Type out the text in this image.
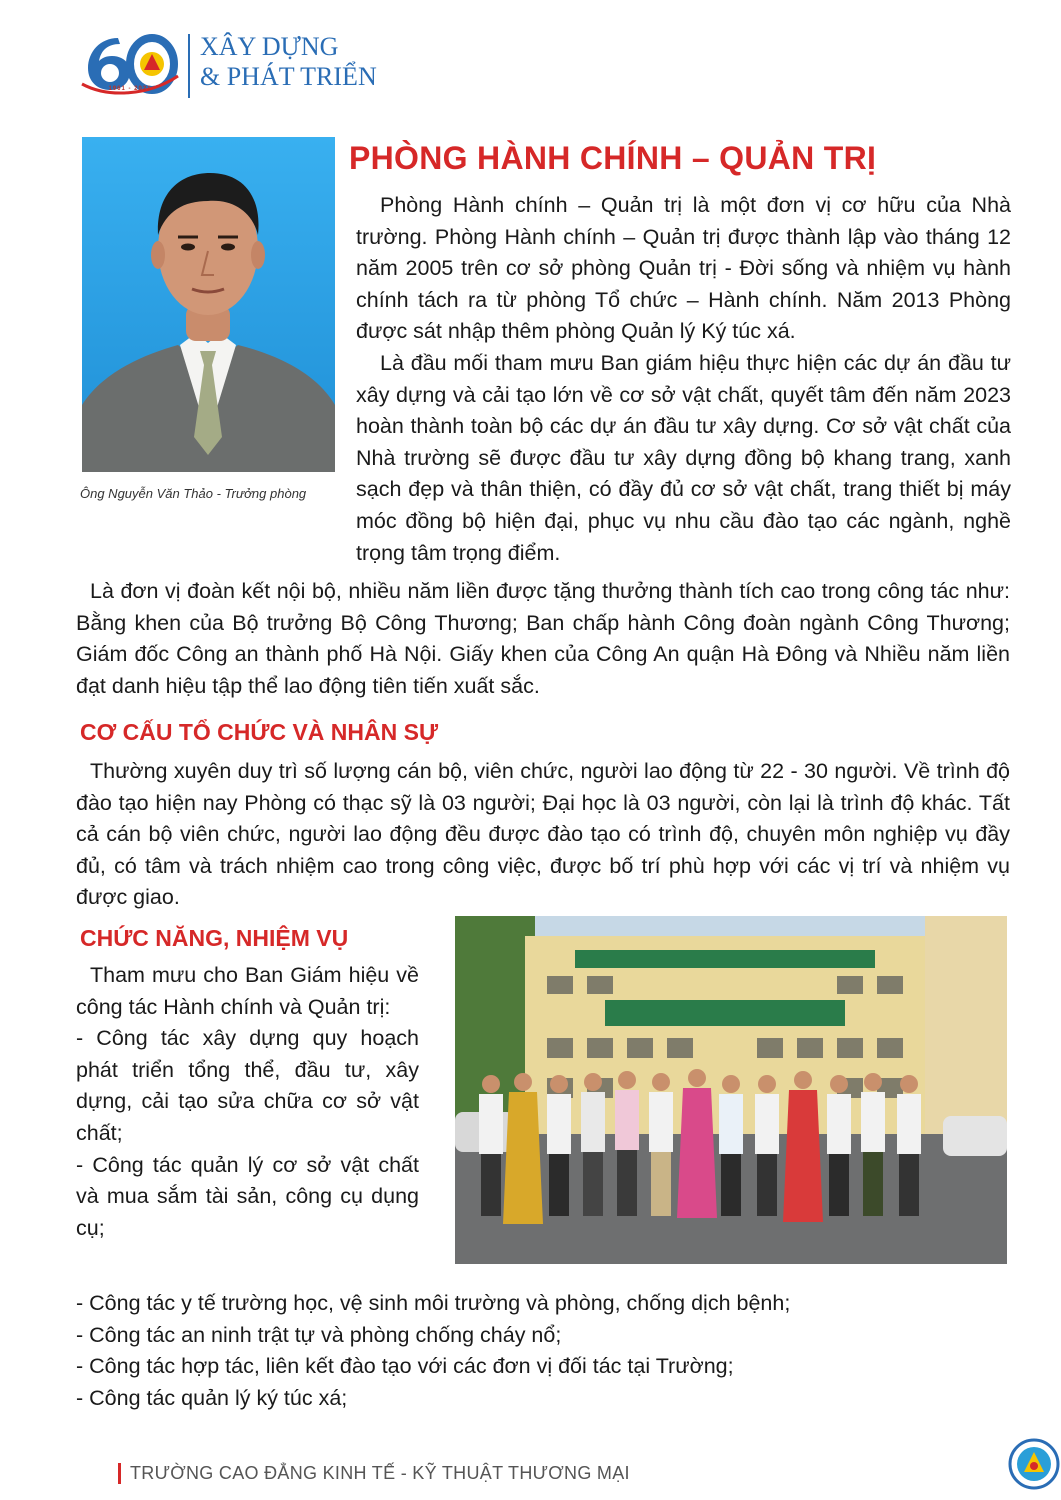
1961 - 2021
XÂY DỰNG
& PHÁT TRIỂN
Ông Nguyễn Văn Thảo - Trưởng phòng
PHÒNG HÀNH CHÍNH – QUẢN TRỊ

Phòng Hành chính – Quản trị là một đơn vị cơ hữu của Nhà trường. Phòng Hành chính – Quản trị được thành lập vào tháng 12 năm 2005 trên cơ sở phòng Quản trị - Đời sống và nhiệm vụ hành chính tách ra từ phòng Tổ chức – Hành chính. Năm 2013 Phòng được sát nhập thêm phòng Quản lý Ký túc xá.

Là đầu mối tham mưu Ban giám hiệu thực hiện các dự án đầu tư xây dựng và cải tạo lớn về cơ sở vật chất, quyết tâm đến năm 2023 hoàn thành toàn bộ các dự án đầu tư xây dựng. Cơ sở vật chất của Nhà trường sẽ được đầu tư xây dựng đồng bộ khang trang, xanh sạch đẹp và thân thiện, có đầy đủ cơ sở vật chất, trang thiết bị máy móc đồng bộ hiện đại, phục vụ nhu cầu đào tạo các ngành, nghề trọng tâm trọng điểm.

Là đơn vị đoàn kết nội bộ, nhiều năm liền được tặng thưởng thành tích cao trong công tác như: Bằng khen của Bộ trưởng Bộ Công Thương; Ban chấp hành Công đoàn ngành Công Thương; Giám đốc Công an thành phố Hà Nội. Giấy khen của Công An quận Hà Đông và Nhiều năm liền đạt danh hiệu tập thể lao động tiên tiến xuất sắc.

CƠ CẤU TỔ CHỨC VÀ NHÂN SỰ

Thường xuyên duy trì số lượng cán bộ, viên chức, người lao động từ 22 - 30 người. Về trình độ đào tạo hiện nay Phòng có thạc sỹ là 03 người; Đại học là 03 người, còn lại là trình độ khác. Tất cả cán bộ viên chức, người lao động đều được đào tạo có trình độ, chuyên môn nghiệp vụ đầy đủ, có tâm và trách nhiệm cao trong công việc, được bố trí phù hợp với các vị trí và nhiệm vụ được giao.

CHỨC NĂNG, NHIỆM VỤ

Tham mưu cho Ban Giám hiệu về công tác Hành chính và Quản trị:

- Công tác xây dựng quy hoạch phát triển tổng thể, đầu tư, xây dựng, cải tạo sửa chữa cơ sở vật chất;

- Công tác quản lý cơ sở vật chất và mua sắm tài sản, công cụ dụng cụ;

- Công tác y tế trường học, vệ sinh môi trường và phòng, chống dịch bệnh;

- Công tác an ninh trật tự và phòng chống cháy nổ;

- Công tác hợp tác, liên kết đào tạo với các đơn vị đối tác tại Trường;

- Công tác quản lý ký túc xá;

TRƯỜNG CAO ĐẲNG KINH TẾ - KỸ THUẬT THƯƠNG MẠI
